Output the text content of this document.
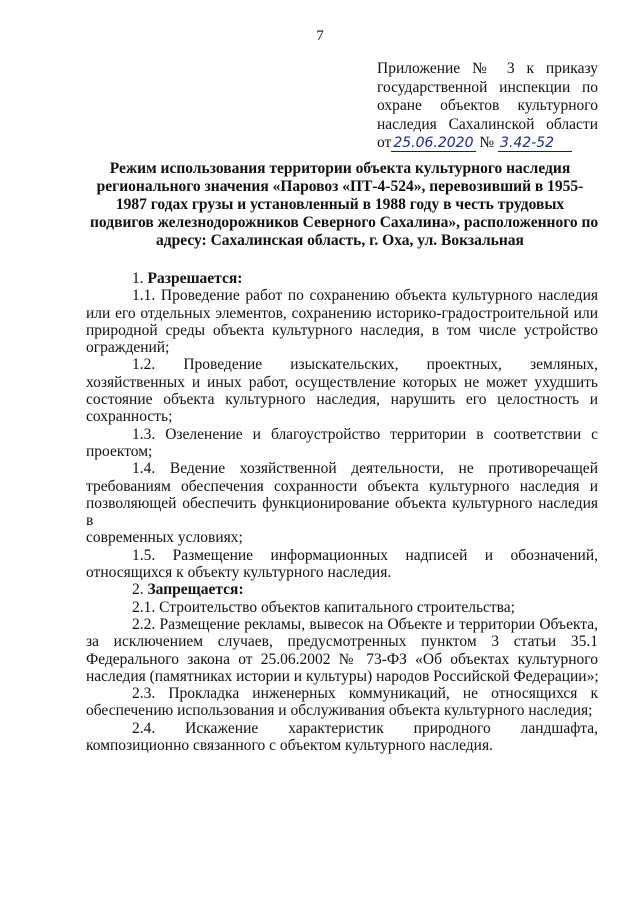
7
Приложение № 3 к приказу
государственной инспекции по
охране объектов культурного
наследия Сахалинской области
от 25.06.2020 № 3.42-52
Режим использования территории объекта культурного наследия
регионального значения «Паровоз «ПТ-4-524», перевозивший в 1955-
1987 годах грузы и установленный в 1988 году в честь трудовых
подвигов железнодорожников Северного Сахалина», расположенного по
адресу: Сахалинская область, г. Оха, ул. Вокзальная
1. Разрешается:
1.1. Проведение работ по сохранению объекта культурного наследия
или его отдельных элементов, сохранению историко-градостроительной или
природной среды объекта культурного наследия, в том числе устройство
ограждений;
1.2. Проведение изыскательских, проектных, земляных,
хозяйственных и иных работ, осуществление которых не может ухудшить
состояние объекта культурного наследия, нарушить его целостность и
сохранность;
1.3. Озеленение и благоустройство территории в соответствии с
проектом;
1.4. Ведение хозяйственной деятельности, не противоречащей
требованиям обеспечения сохранности объекта культурного наследия и
позволяющей обеспечить функционирование объекта культурного наследия в
современных условиях;
1.5. Размещение информационных надписей и обозначений,
относящихся к объекту культурного наследия.
2. Запрещается:
2.1. Строительство объектов капитального строительства;
2.2. Размещение рекламы, вывесок на Объекте и территории Объекта,
за исключением случаев, предусмотренных пунктом 3 статьи 35.1
Федерального закона от 25.06.2002 № 73-ФЗ «Об объектах культурного
наследия (памятниках истории и культуры) народов Российской Федерации»;
2.3. Прокладка инженерных коммуникаций, не относящихся к
обеспечению использования и обслуживания объекта культурного наследия;
2.4. Искажение характеристик природного ландшафта,
композиционно связанного с объектом культурного наследия.
